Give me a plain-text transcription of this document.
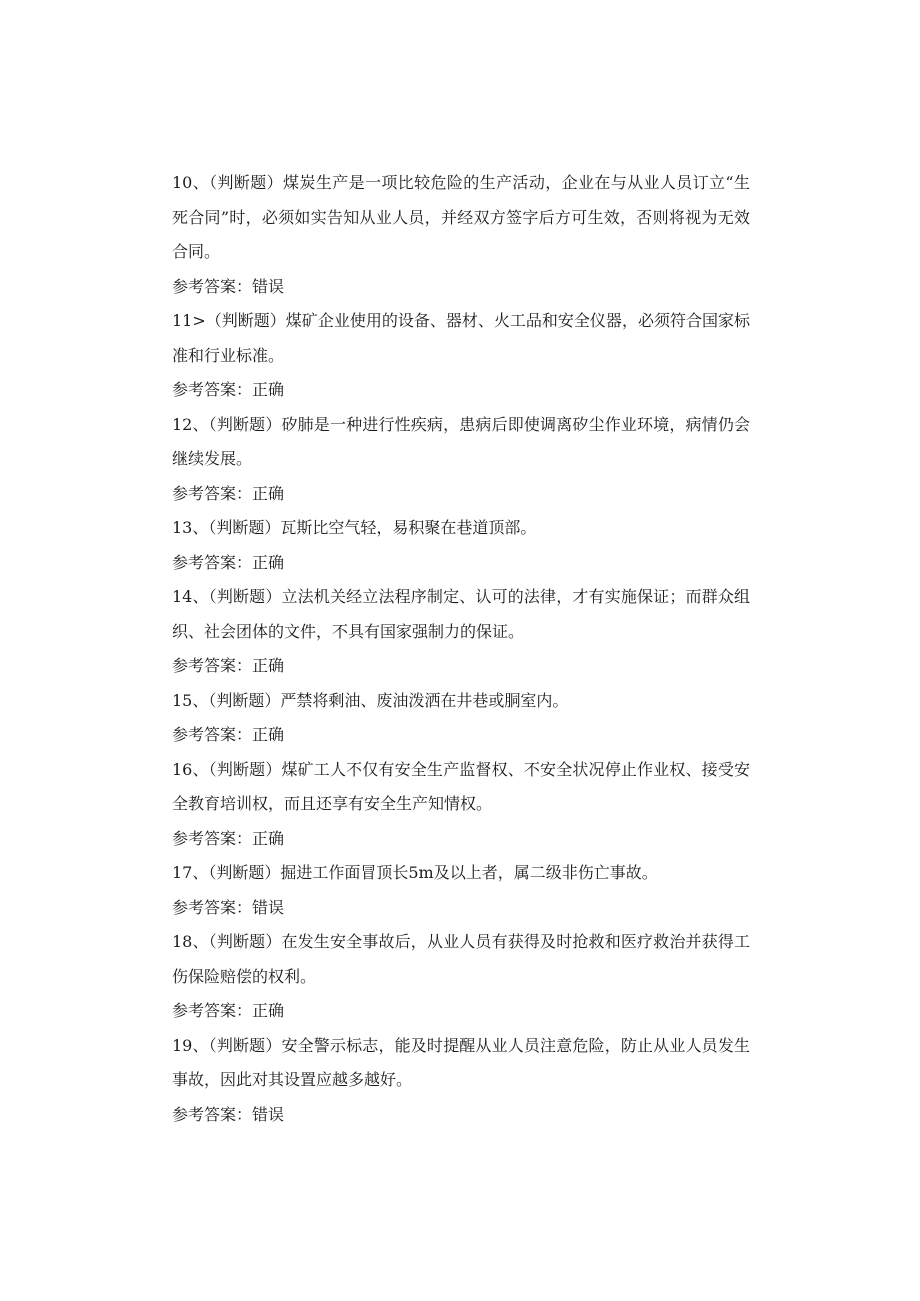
10、（判断题）煤炭生产是一项比较危险的生产活动，企业在与从业人员订立“生死合同”时，必须如实告知从业人员，并经双方签字后方可生效，否则将视为无效合同。

参考答案：错误

11>（判断题）煤矿企业使用的设备、器材、火工品和安全仪器，必须符合国家标准和行业标准。

参考答案：正确

12、（判断题）矽肺是一种进行性疾病，患病后即使调离矽尘作业环境，病情仍会继续发展。

参考答案：正确

13、（判断题）瓦斯比空气轻，易积聚在巷道顶部。

参考答案：正确

14、（判断题）立法机关经立法程序制定、认可的法律，才有实施保证；而群众组织、社会团体的文件，不具有国家强制力的保证。

参考答案：正确

15、（判断题）严禁将剩油、废油泼洒在井巷或胴室内。

参考答案：正确

16、（判断题）煤矿工人不仅有安全生产监督权、不安全状况停止作业权、接受安全教育培训权，而且还享有安全生产知情权。

参考答案：正确

17、（判断题）掘进工作面冒顶长5m及以上者，属二级非伤亡事故。

参考答案：错误

18、（判断题）在发生安全事故后，从业人员有获得及时抢救和医疗救治并获得工伤保险赔偿的权利。

参考答案：正确

19、（判断题）安全警示标志，能及时提醒从业人员注意危险，防止从业人员发生事故，因此对其设置应越多越好。

参考答案：错误
